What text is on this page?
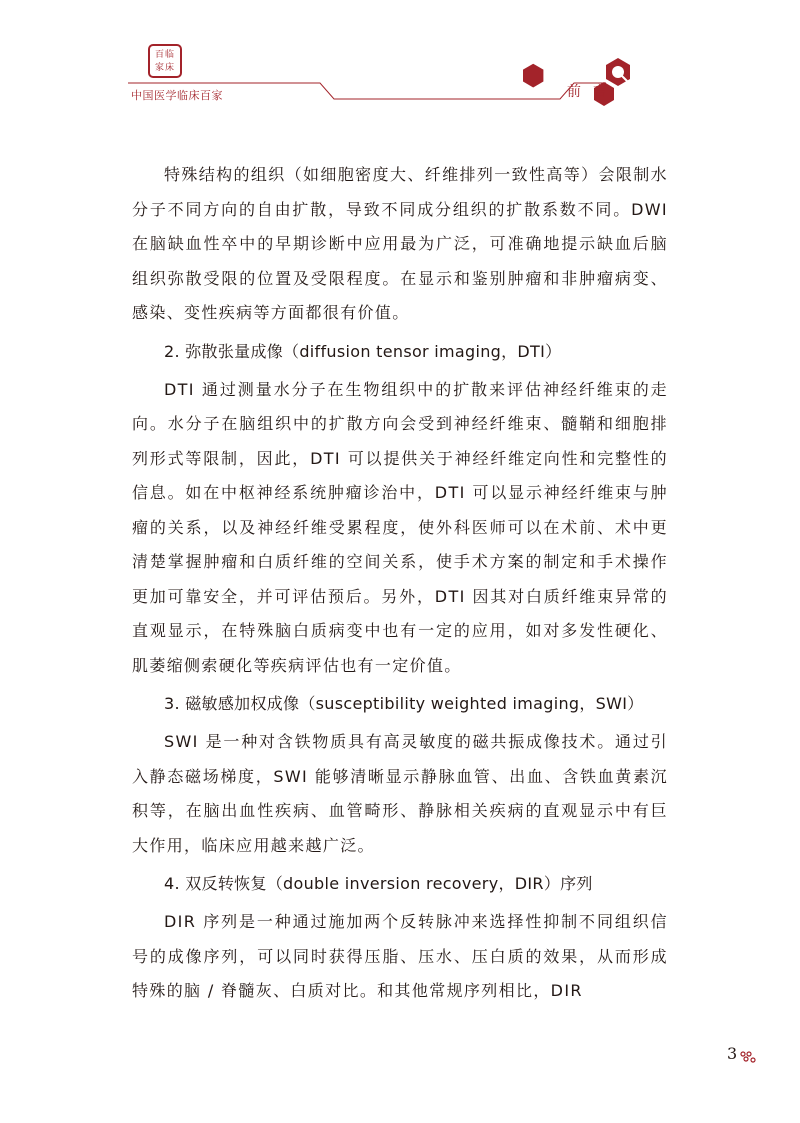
百临
家床
中国医学临床百家	前言

特殊结构的组织（如细胞密度大、纤维排列一致性高等）会限制水分子不同方向的自由扩散，导致不同成分组织的扩散系数不同。DWI 在脑缺血性卒中的早期诊断中应用最为广泛，可准确地提示缺血后脑组织弥散受限的位置及受限程度。在显示和鉴别肿瘤和非肿瘤病变、感染、变性疾病等方面都很有价值。

2. 弥散张量成像（diffusion tensor imaging，DTI）

DTI 通过测量水分子在生物组织中的扩散来评估神经纤维束的走向。水分子在脑组织中的扩散方向会受到神经纤维束、髓鞘和细胞排列形式等限制，因此，DTI 可以提供关于神经纤维定向性和完整性的信息。如在中枢神经系统肿瘤诊治中，DTI 可以显示神经纤维束与肿瘤的关系，以及神经纤维受累程度，使外科医师可以在术前、术中更清楚掌握肿瘤和白质纤维的空间关系，使手术方案的制定和手术操作更加可靠安全，并可评估预后。另外，DTI 因其对白质纤维束异常的直观显示，在特殊脑白质病变中也有一定的应用，如对多发性硬化、肌萎缩侧索硬化等疾病评估也有一定价值。

3. 磁敏感加权成像（susceptibility weighted imaging，SWI）

SWI 是一种对含铁物质具有高灵敏度的磁共振成像技术。通过引入静态磁场梯度，SWI 能够清晰显示静脉血管、出血、含铁血黄素沉积等，在脑出血性疾病、血管畸形、静脉相关疾病的直观显示中有巨大作用，临床应用越来越广泛。

4. 双反转恢复（double inversion recovery，DIR）序列

DIR 序列是一种通过施加两个反转脉冲来选择性抑制不同组织信号的成像序列，可以同时获得压脂、压水、压白质的效果，从而形成特殊的脑 / 脊髓灰、白质对比。和其他常规序列相比，DIR

3
